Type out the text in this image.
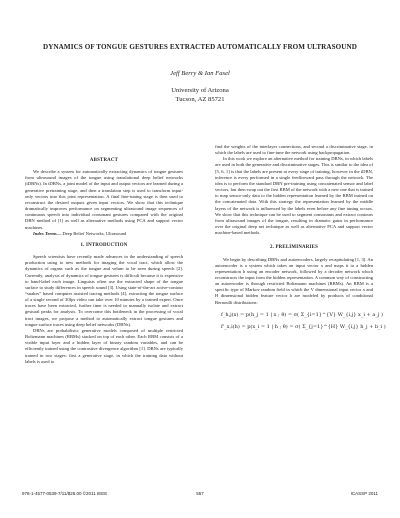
DYNAMICS OF TONGUE GESTURES EXTRACTED AUTOMATICALLY FROM ULTRASOUND
Jeff Berry & Ian Fasel
University of Arizona
Tucson, AZ 85721
ABSTRACT

We describe a system for automatically extracting dynamics of tongue gestures from ultrasound images of the tongue using translational deep belief networks (tDBNs). In tDBNs, a joint model of the input and output vectors are learned during a generative pretraining stage, and then a translation step is used to transform input-only vectors into this joint representation. A final fine-tuning stage is then used to reconstruct the desired outputs given input vectors. We show that this technique dramatically improves performance on segmenting ultrasound image sequences of continuous speech into individual consonant gestures compared with the original DBN method of [1] as well as alternative methods using PCA and support vector machines.

Index Terms— Deep Belief Networks, Ultrasound

1. INTRODUCTION

Speech scientists have recently made advances in the understanding of speech production using to new methods for imaging the vocal tract, which allow the dynamics of organs such as the tongue and velum to be seen during speech [2]. Currently, analysis of dynamics of tongue gestures is difficult because it is expensive to hand-label each image. Linguists often use the extracted shape of the tongue surface to study differences in speech sound [3]. Using state-of-the-art active-contour “snakes” based computer assisted tracing methods [4], extracting the tongue surface of a single second of 30fps video can take over 10 minutes by a trained expert. Once traces have been extracted, further time is needed to manually isolate and extract gestural peaks for analysis. To overcome this bottleneck in the processing of vocal tract images, we propose a method to automatically extract tongue gestures and tongue surface traces using deep belief networks (DBNs).

DBNs are probabilistic generative models composed of multiple restricted Boltzmann machines (RBMs) stacked on top of each other. Each RBM consists of a visible input layer and a hidden layer of binary random variables, and can be efficiently trained using the contrastive divergence algorithm [1]. DBNs are typically trained in two stages: first a generative stage, in which the training data without labels is used to

find the weights of the interlayer connections, and second a discriminative stage, in which the labels are used to fine-tune the network using backpropagation.

In this work we explore an alternative method for training DBNs, in which labels are used in both the generative and discriminative stages. This is similar to the idea of [5, 6, 1] is that the labels are present at every stage of training, however in the tDBN, inference is every performed in a single feedforward pass through the network. The idea is to perform the standard DBN pre-training using concatenated sensor and label vectors, but then swap out the first RBM of the network with a new one that is trained to map sensor-only data to the hidden representation learned by the RBM trained on the concatenated data. With this strategy the representation learned by the middle layers of the network is influenced by the labels even before any fine tuning occurs. We show that this technique can be used to segment consonants and extract contours from ultrasound images of the tongue, resulting in dramatic gains in performance over the original deep net technique as well as alternative PCA and support vector machine-based methods.

2. PRELIMINARIES

We begin by describing DBNs and autoencoders, largely recapitulating [1, 3]. An autoencoder is a system which takes an input vector x and maps it to a hidden representation h using an encoder network, followed by a decoder network which reconstructs the input from the hidden representation. A common way of constructing an autoencoder is through restricted Boltzmann machines (RBMs). An RBM is a specific type of Markov random field in which the V dimensional input vector x and H dimensional hidden feature vector h are modeled by products of conditional Bernoulli distributions:

f_h,j(x) = p(h_j = 1 | x ; θ) = σ( Σ_{i=1}^{V} W_{i,j} x_i + a_j )
f'_x,i(h) = p(x_i = 1 | h ; θ) = σ( Σ_{j=1}^{H} W_{i,j} h_j + b_i )
978-1-4577-0539-7/11/$26.00 ©2011 IEEE	557	ICASSP 2011
